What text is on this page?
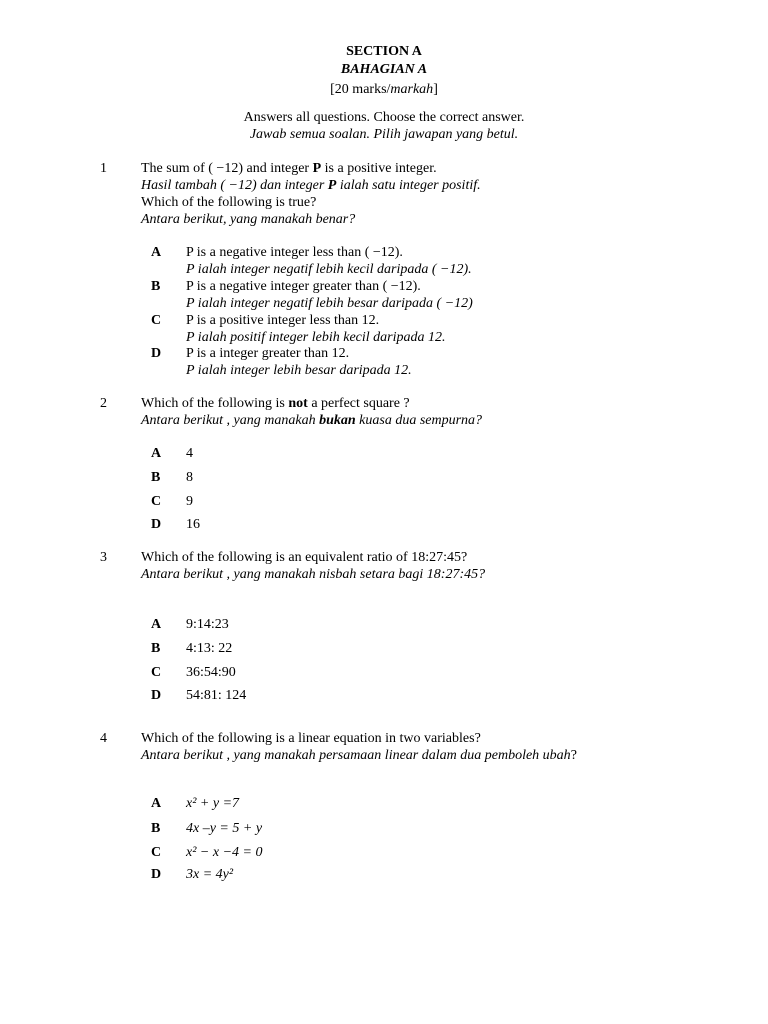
SECTION A
BAHAGIAN A
[20 marks/markah]
Answers all questions. Choose the correct answer.
Jawab semua soalan. Pilih jawapan yang betul.
1 The sum of ( −12) and integer P is a positive integer.
Hasil tambah ( −12) dan integer P ialah satu integer positif.
Which of the following is true?
Antara berikut, yang manakah benar?
A P is a negative integer less than ( −12).
P ialah integer negatif lebih kecil daripada ( −12).
B P is a negative integer greater than ( −12).
P ialah integer negatif lebih besar daripada ( −12)
C P is a positive integer less than 12.
P ialah positif integer lebih kecil daripada 12.
D P is a integer greater than 12.
P ialah integer lebih besar daripada 12.
2 Which of the following is not a perfect square ?
Antara berikut , yang manakah bukan kuasa dua sempurna?
A 4
B 8
C 9
D 16
3 Which of the following is an equivalent ratio of 18:27:45?
Antara berikut , yang manakah nisbah setara bagi 18:27:45?
A 9:14:23
B 4:13: 22
C 36:54:90
D 54:81: 124
4 Which of the following is a linear equation in two variables?
Antara berikut , yang manakah persamaan linear dalam dua pemboleh ubah?
A x² + y =7
B 4x –y = 5 + y
C x² − x −4 = 0
D 3x = 4y²
